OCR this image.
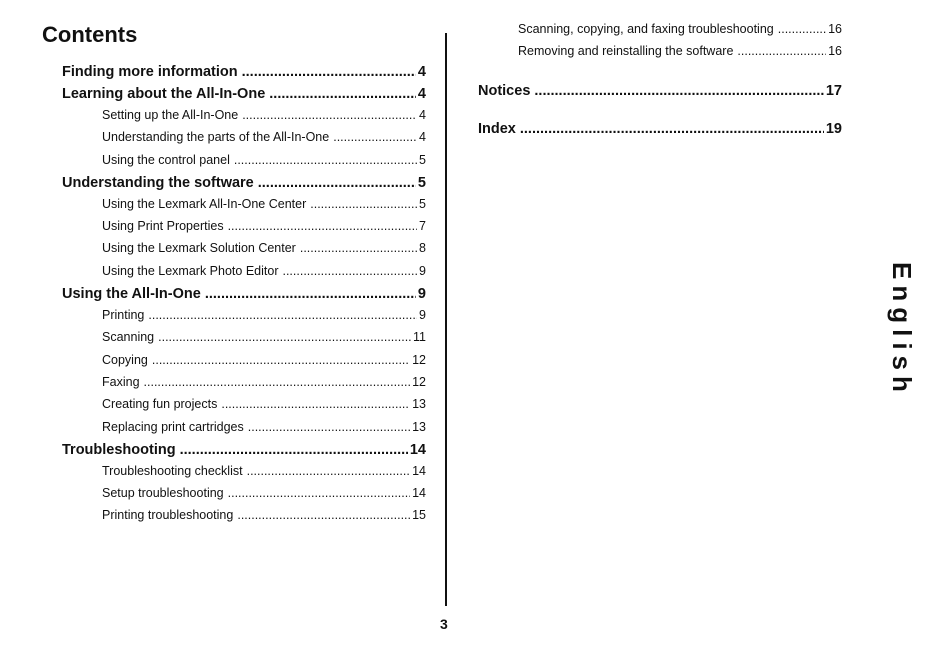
Contents
Finding more information .....	4
Learning about the All-In-One .....	4
Setting up the All-In-One .....	4
Understanding the parts of the All-In-One .....	4
Using the control panel .....	5
Understanding the software .....	5
Using the Lexmark All-In-One Center .....	5
Using Print Properties .....	7
Using the Lexmark Solution Center .....	8
Using the Lexmark Photo Editor .....	9
Using the All-In-One .....	9
Printing .....	9
Scanning .....	11
Copying .....	12
Faxing .....	12
Creating fun projects .....	13
Replacing print cartridges .....	13
Troubleshooting .....	14
Troubleshooting checklist .....	14
Setup troubleshooting .....	14
Printing troubleshooting .....	15
Scanning, copying, and faxing troubleshooting .....	16
Removing and reinstalling the software .....	16
Notices .....	17
Index .....	19
3
English
